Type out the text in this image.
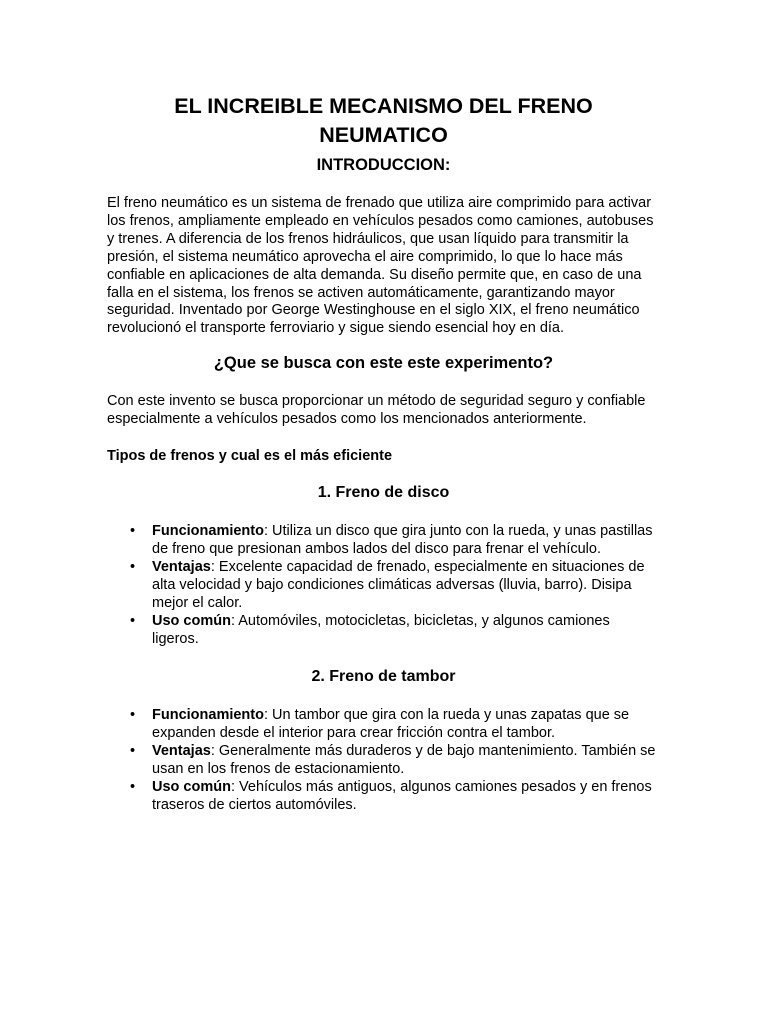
EL INCREIBLE MECANISMO DEL FRENO NEUMATICO
INTRODUCCION:

El freno neumático es un sistema de frenado que utiliza aire comprimido para activar los frenos, ampliamente empleado en vehículos pesados como camiones, autobuses y trenes. A diferencia de los frenos hidráulicos, que usan líquido para transmitir la presión, el sistema neumático aprovecha el aire comprimido, lo que lo hace más confiable en aplicaciones de alta demanda. Su diseño permite que, en caso de una falla en el sistema, los frenos se activen automáticamente, garantizando mayor seguridad. Inventado por George Westinghouse en el siglo XIX, el freno neumático revolucionó el transporte ferroviario y sigue siendo esencial hoy en día.

¿Que se busca con este este experimento?

Con este invento se busca proporcionar un método de seguridad seguro y confiable especialmente a vehículos pesados como los mencionados anteriormente.

Tipos de frenos y cual es el más eficiente

1. Freno de disco
• Funcionamiento: Utiliza un disco que gira junto con la rueda, y unas pastillas de freno que presionan ambos lados del disco para frenar el vehículo.
• Ventajas: Excelente capacidad de frenado, especialmente en situaciones de alta velocidad y bajo condiciones climáticas adversas (lluvia, barro). Disipa mejor el calor.
• Uso común: Automóviles, motocicletas, bicicletas, y algunos camiones ligeros.
2. Freno de tambor
• Funcionamiento: Un tambor que gira con la rueda y unas zapatas que se expanden desde el interior para crear fricción contra el tambor.
• Ventajas: Generalmente más duraderos y de bajo mantenimiento. También se usan en los frenos de estacionamiento.
• Uso común: Vehículos más antiguos, algunos camiones pesados y en frenos traseros de ciertos automóviles.
